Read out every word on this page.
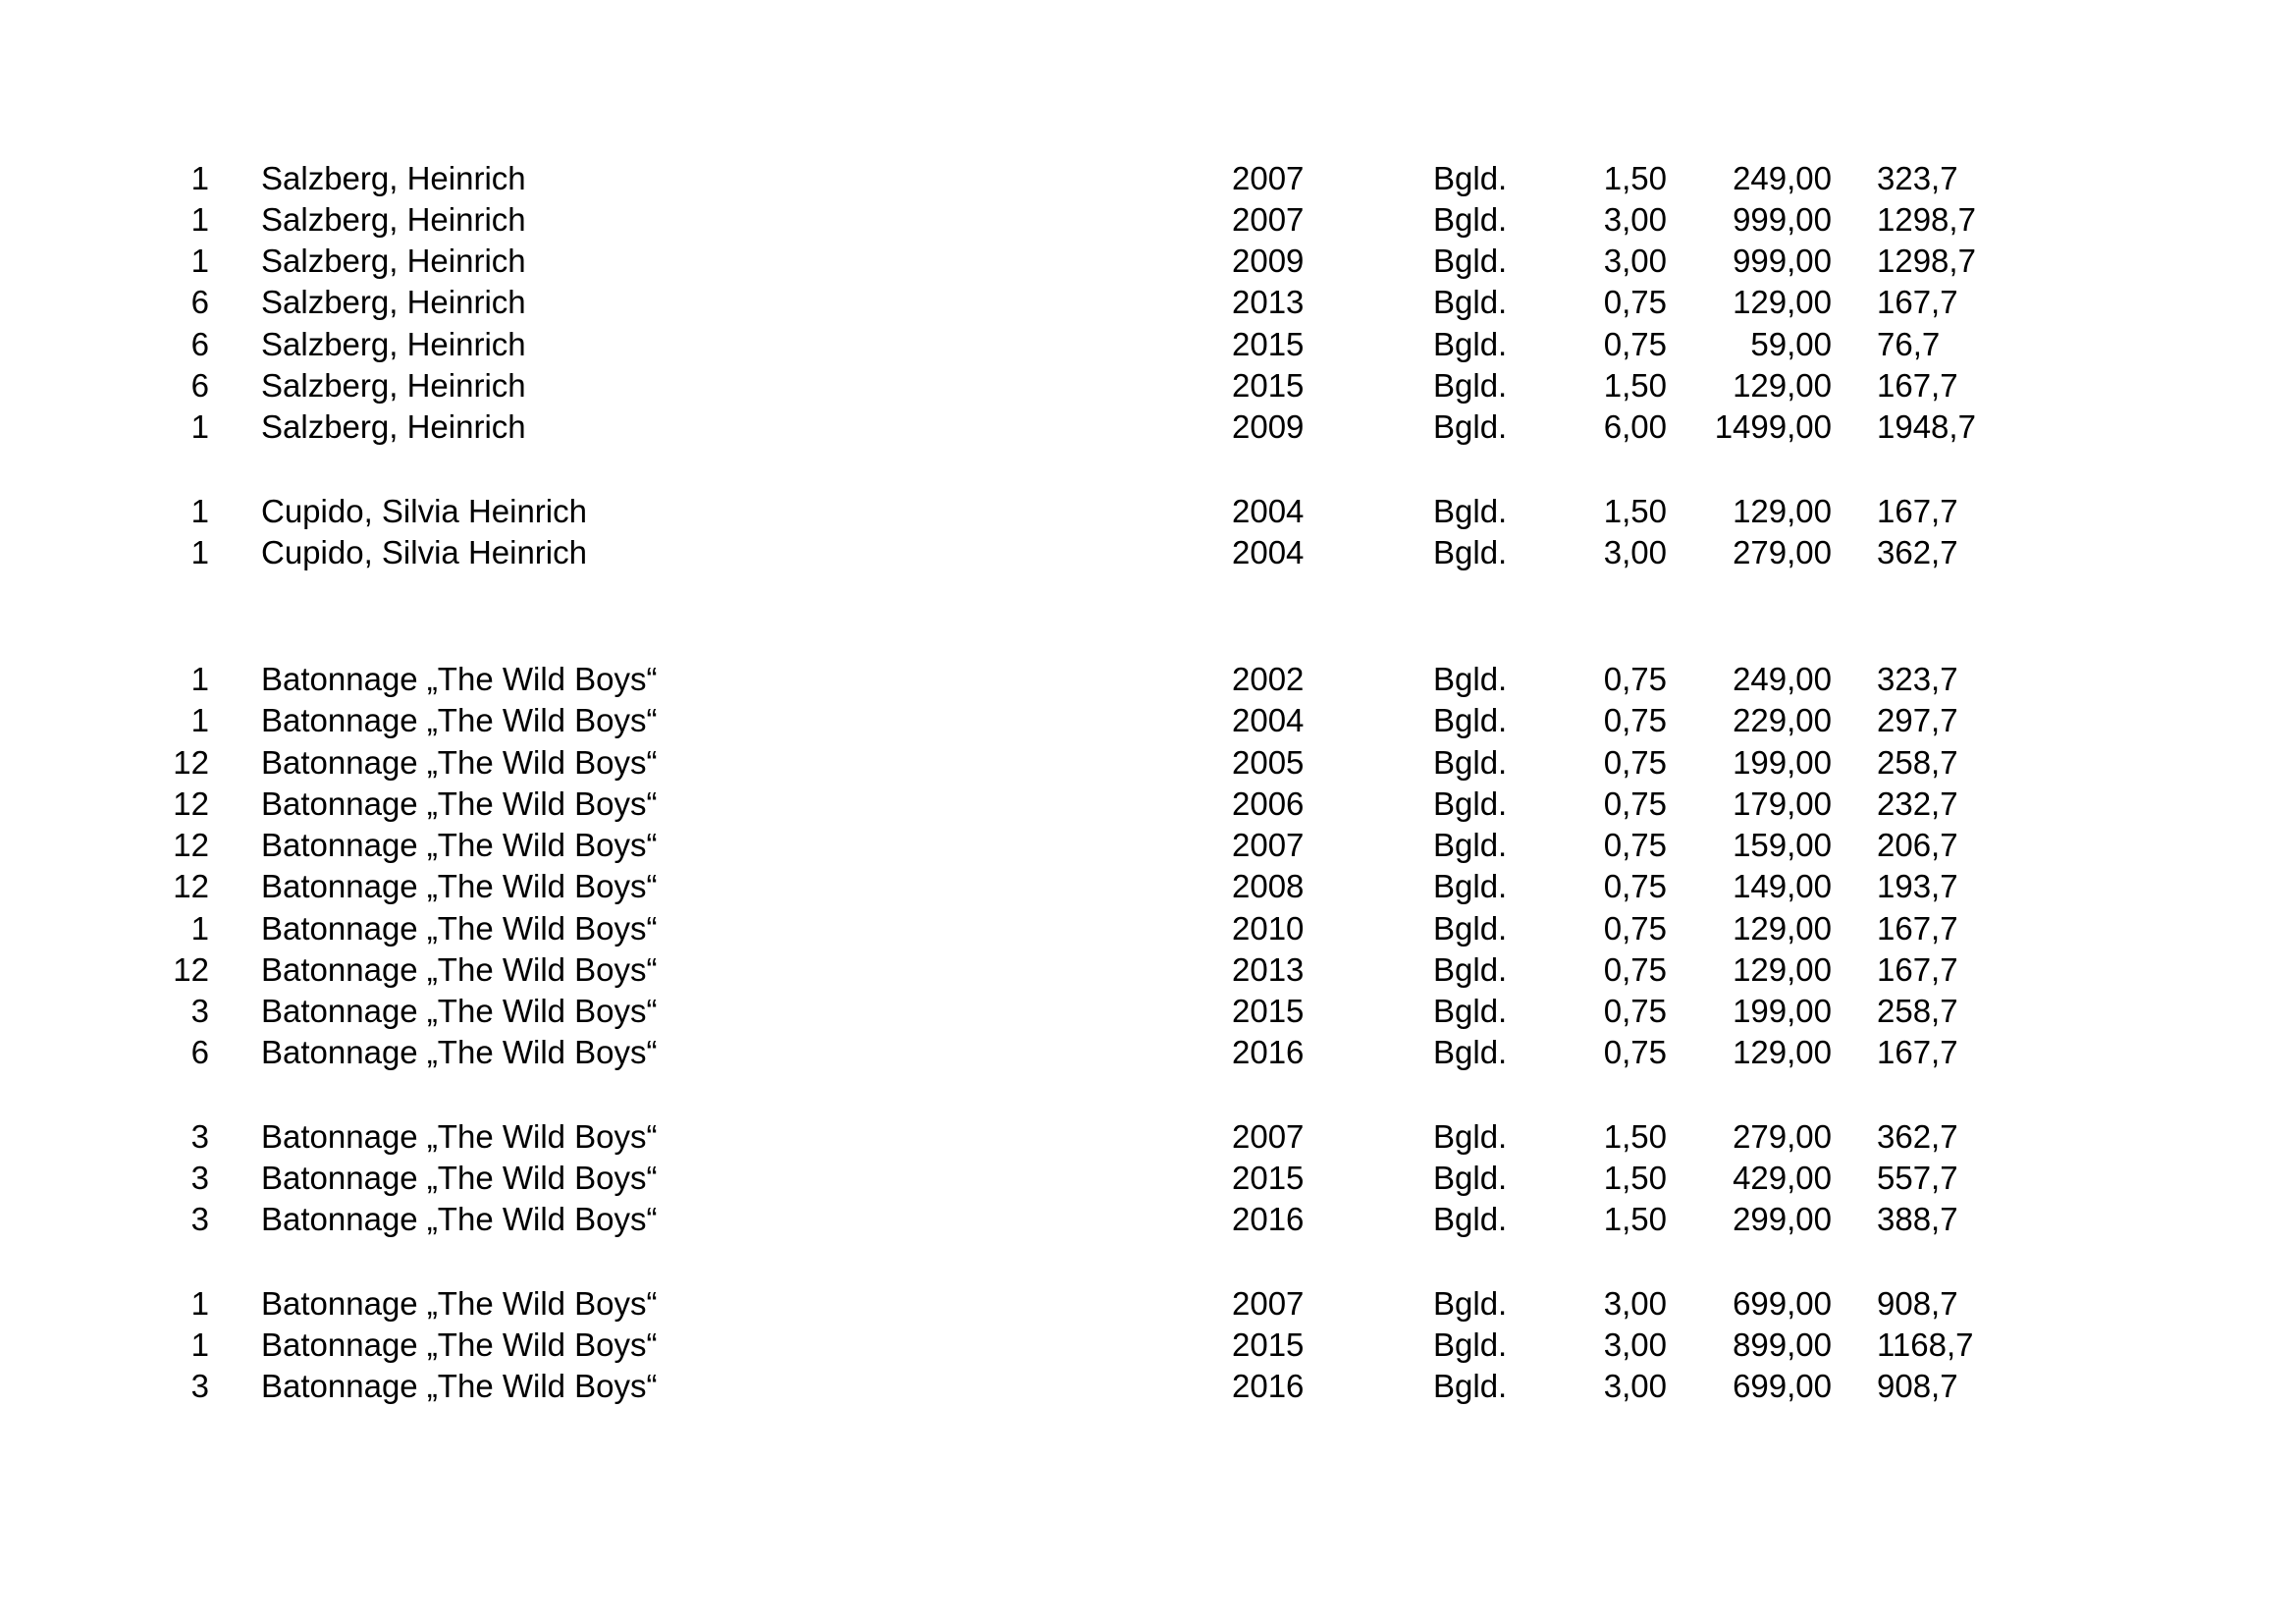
1 Salzberg, Heinrich	2007	Bgld.	1,50 249,00 323,7
1 Salzberg, Heinrich	2007	Bgld.	3,00 999,00 1298,7
1 Salzberg, Heinrich	2009	Bgld.	3,00 999,00 1298,7
6 Salzberg, Heinrich	2013	Bgld.	0,75 129,00 167,7
6 Salzberg, Heinrich	2015	Bgld.	0,75	59,00 76,7
6 Salzberg, Heinrich	2015	Bgld.	1,50 129,00 167,7
1 Salzberg, Heinrich	2009	Bgld.	6,00 1499,00 1948,7
1 Cupido, Silvia Heinrich	2004	Bgld.	1,50 129,00 167,7
1 Cupido, Silvia Heinrich	2004	Bgld.	3,00 279,00 362,7
1 Batonnage „The Wild Boys“	2002	Bgld.	0,75 249,00 323,7
1 Batonnage „The Wild Boys“	2004	Bgld.	0,75 229,00 297,7
12 Batonnage „The Wild Boys“	2005	Bgld.	0,75 199,00 258,7
12 Batonnage „The Wild Boys“	2006	Bgld.	0,75 179,00 232,7
12 Batonnage „The Wild Boys“	2007	Bgld.	0,75 159,00 206,7
12 Batonnage „The Wild Boys“	2008	Bgld.	0,75 149,00 193,7
1 Batonnage „The Wild Boys“	2010	Bgld.	0,75 129,00 167,7
12 Batonnage „The Wild Boys“	2013	Bgld.	0,75 129,00 167,7
3 Batonnage „The Wild Boys“	2015	Bgld.	0,75 199,00 258,7
6 Batonnage „The Wild Boys“	2016	Bgld.	0,75 129,00 167,7
3 Batonnage „The Wild Boys“	2007	Bgld.	1,50 279,00 362,7
3 Batonnage „The Wild Boys“	2015	Bgld.	1,50 429,00 557,7
3 Batonnage „The Wild Boys“	2016	Bgld.	1,50 299,00 388,7
1 Batonnage „The Wild Boys“	2007	Bgld.	3,00 699,00 908,7
1 Batonnage „The Wild Boys“	2015	Bgld.	3,00 899,00 1168,7
3 Batonnage „The Wild Boys“	2016	Bgld.	3,00 699,00 908,7
